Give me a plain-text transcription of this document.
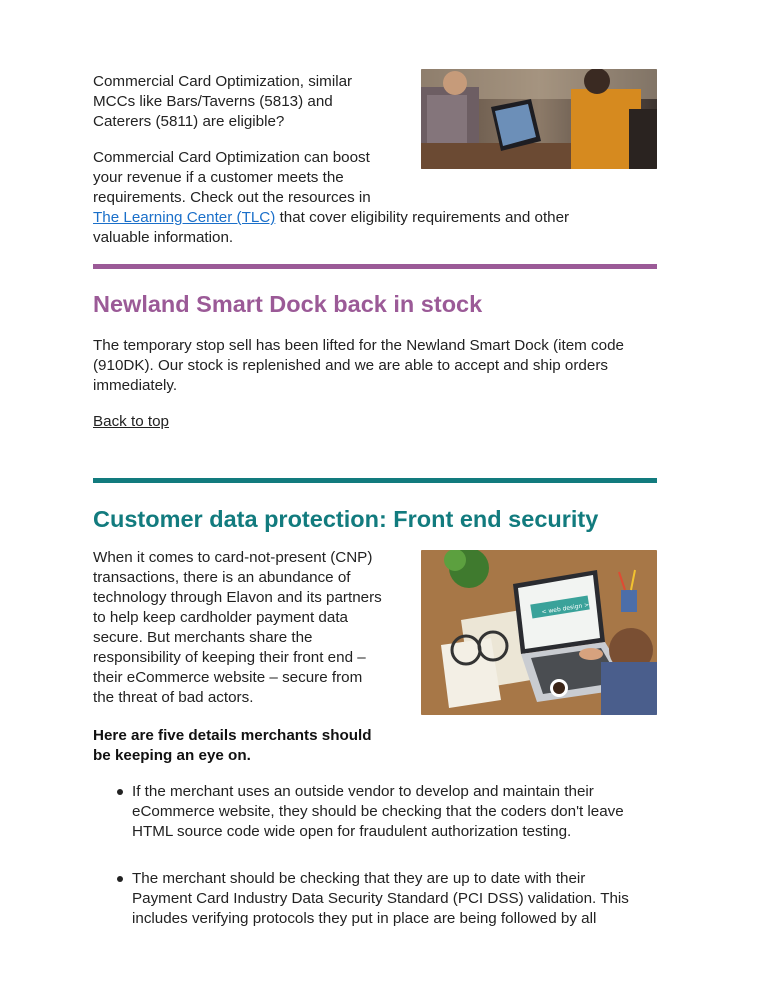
Commercial Card Optimization, similar
MCCs like Bars/Taverns (5813) and
Caterers (5811) are eligible?
Commercial Card Optimization can boost
your revenue if a customer meets the
requirements. Check out the resources in
The Learning Center (TLC) that cover eligibility requirements and other
valuable information.
Newland Smart Dock back in stock
The temporary stop sell has been lifted for the Newland Smart Dock (item code
(910DK). Our stock is replenished and we are able to accept and ship orders
immediately.
Back to top
Customer data protection: Front end security
When it comes to card-not-present (CNP)
transactions, there is an abundance of
technology through Elavon and its partners
to help keep cardholder payment data
secure. But merchants share the
responsibility of keeping their front end –
their eCommerce website – secure from
the threat of bad actors.
< web design >
Here are five details merchants should
be keeping an eye on.
If the merchant uses an outside vendor to develop and maintain their
eCommerce website, they should be checking that the coders don't leave
HTML source code wide open for fraudulent authorization testing.
The merchant should be checking that they are up to date with their
Payment Card Industry Data Security Standard (PCI DSS) validation. This
includes verifying protocols they put in place are being followed by all
